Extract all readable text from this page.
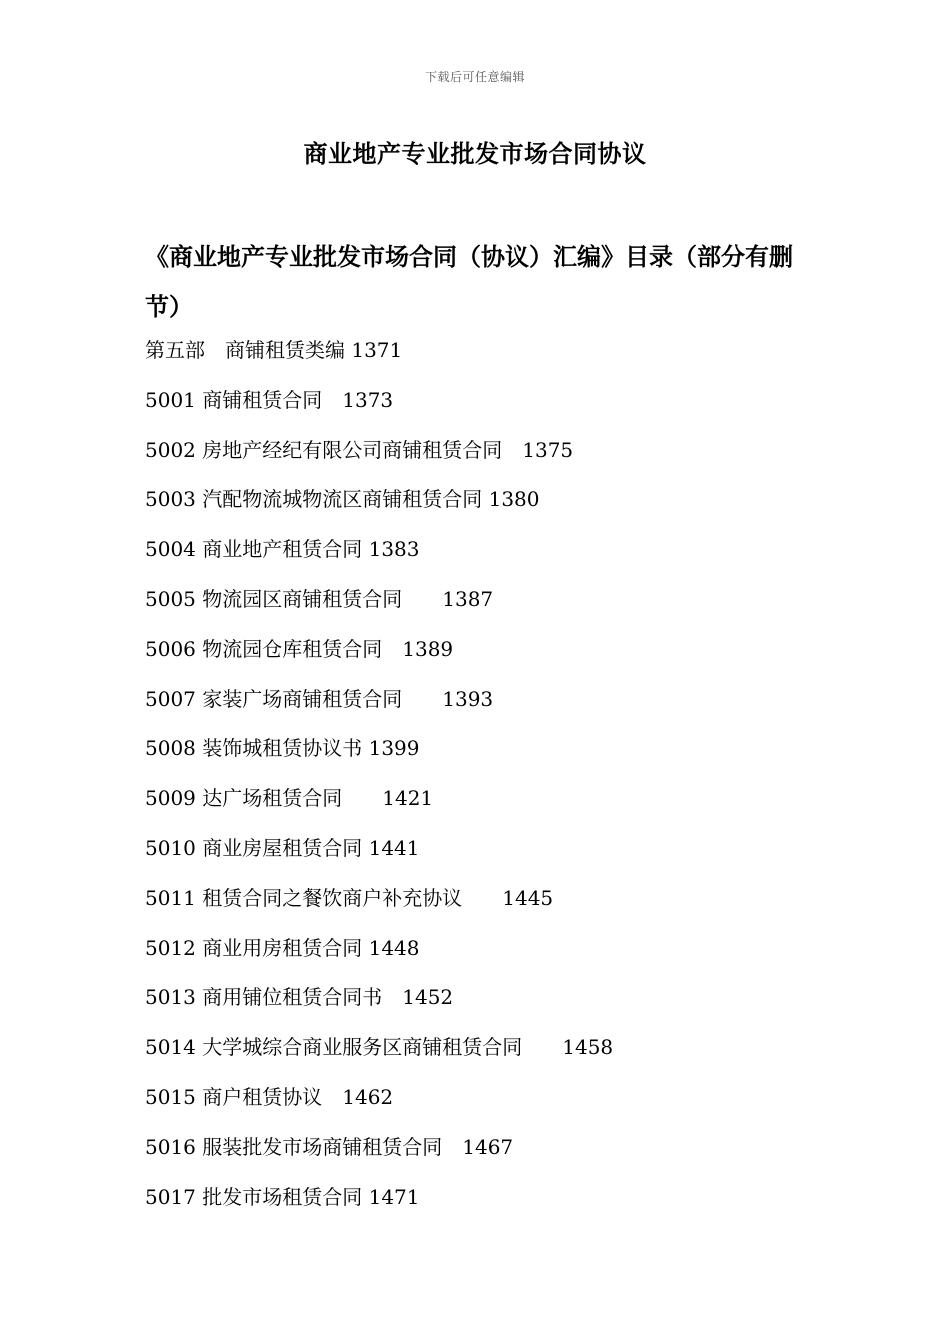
下载后可任意编辑
商业地产专业批发市场合同协议
《商业地产专业批发市场合同（协议）汇编》目录（部分有删节）
第五部　商铺租赁类编 1371
5001 商铺租赁合同　1373
5002 房地产经纪有限公司商铺租赁合同　1375
5003 汽配物流城物流区商铺租赁合同 1380
5004 商业地产租赁合同 1383
5005 物流园区商铺租赁合同　　1387
5006 物流园仓库租赁合同　1389
5007 家装广场商铺租赁合同　　1393
5008 装饰城租赁协议书 1399
5009 达广场租赁合同　　1421
5010 商业房屋租赁合同 1441
5011 租赁合同之餐饮商户补充协议　　1445
5012 商业用房租赁合同 1448
5013 商用铺位租赁合同书　1452
5014 大学城综合商业服务区商铺租赁合同　　1458
5015 商户租赁协议　1462
5016 服装批发市场商铺租赁合同　1467
5017 批发市场租赁合同 1471
